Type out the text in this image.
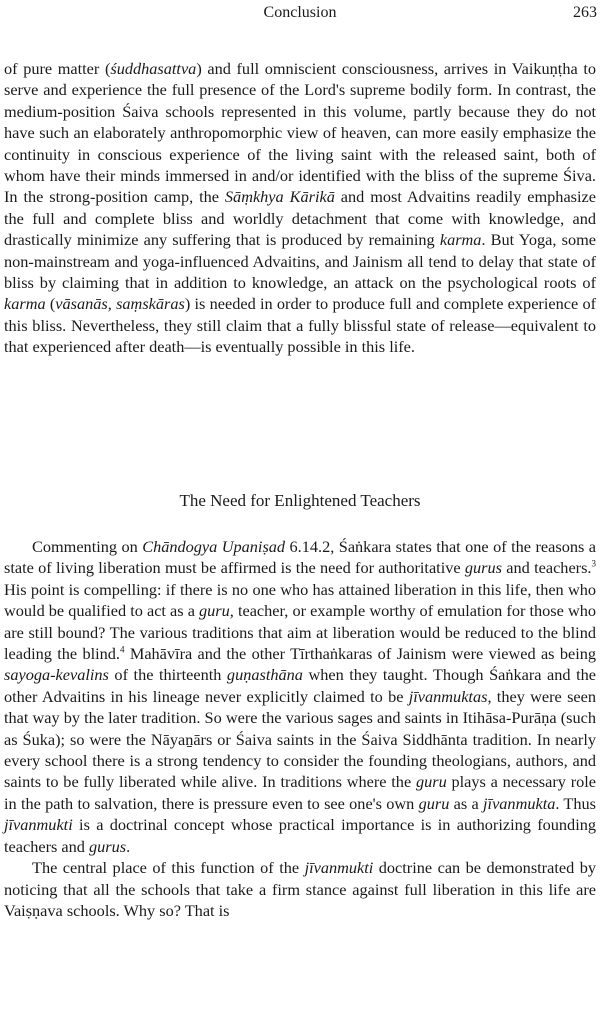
Conclusion	263

of pure matter (śuddhasattva) and full omniscient consciousness, arrives in Vaikuṇṭha to serve and experience the full presence of the Lord's supreme bodily form. In contrast, the medium-position Śaiva schools represented in this volume, partly because they do not have such an elaborately anthropomorphic view of heaven, can more easily emphasize the continuity in conscious experience of the living saint with the released saint, both of whom have their minds immersed in and/or identified with the bliss of the supreme Śiva. In the strong-position camp, the Sāṃkhya Kārikā and most Advaitins readily emphasize the full and complete bliss and worldly detachment that come with knowledge, and drastically minimize any suffering that is produced by remaining karma. But Yoga, some non-mainstream and yoga-influenced Advaitins, and Jainism all tend to delay that state of bliss by claiming that in addition to knowledge, an attack on the psychological roots of karma (vāsanās, saṃskāras) is needed in order to produce full and complete experience of this bliss. Nevertheless, they still claim that a fully blissful state of release—equivalent to that experienced after death—is eventually possible in this life.

The Need for Enlightened Teachers

Commenting on Chāndogya Upaniṣad 6.14.2, Śaṅkara states that one of the reasons a state of living liberation must be affirmed is the need for authoritative gurus and teachers.$^3$ His point is compelling: if there is no one who has attained liberation in this life, then who would be qualified to act as a guru, teacher, or example worthy of emulation for those who are still bound? The various traditions that aim at liberation would be reduced to the blind leading the blind.$^4$ Mahāvīra and the other Tīrthaṅkaras of Jainism were viewed as being sayoga-kevalins of the thirteenth guṇasthāna when they taught. Though Śaṅkara and the other Advaitins in his lineage never explicitly claimed to be jīvanmuktas, they were seen that way by the later tradition. So were the various sages and saints in Itihāsa-Purāṇa (such as Śuka); so were the Nāyaṉārs or Śaiva saints in the Śaiva Siddhānta tradition. In nearly every school there is a strong tendency to consider the founding theologians, authors, and saints to be fully liberated while alive. In traditions where the guru plays a necessary role in the path to salvation, there is pressure even to see one's own guru as a jīvanmukta. Thus jīvanmukti is a doctrinal concept whose practical importance is in authorizing founding teachers and gurus.

The central place of this function of the jīvanmukti doctrine can be demonstrated by noticing that all the schools that take a firm stance against full liberation in this life are Vaiṣṇava schools. Why so? That is
